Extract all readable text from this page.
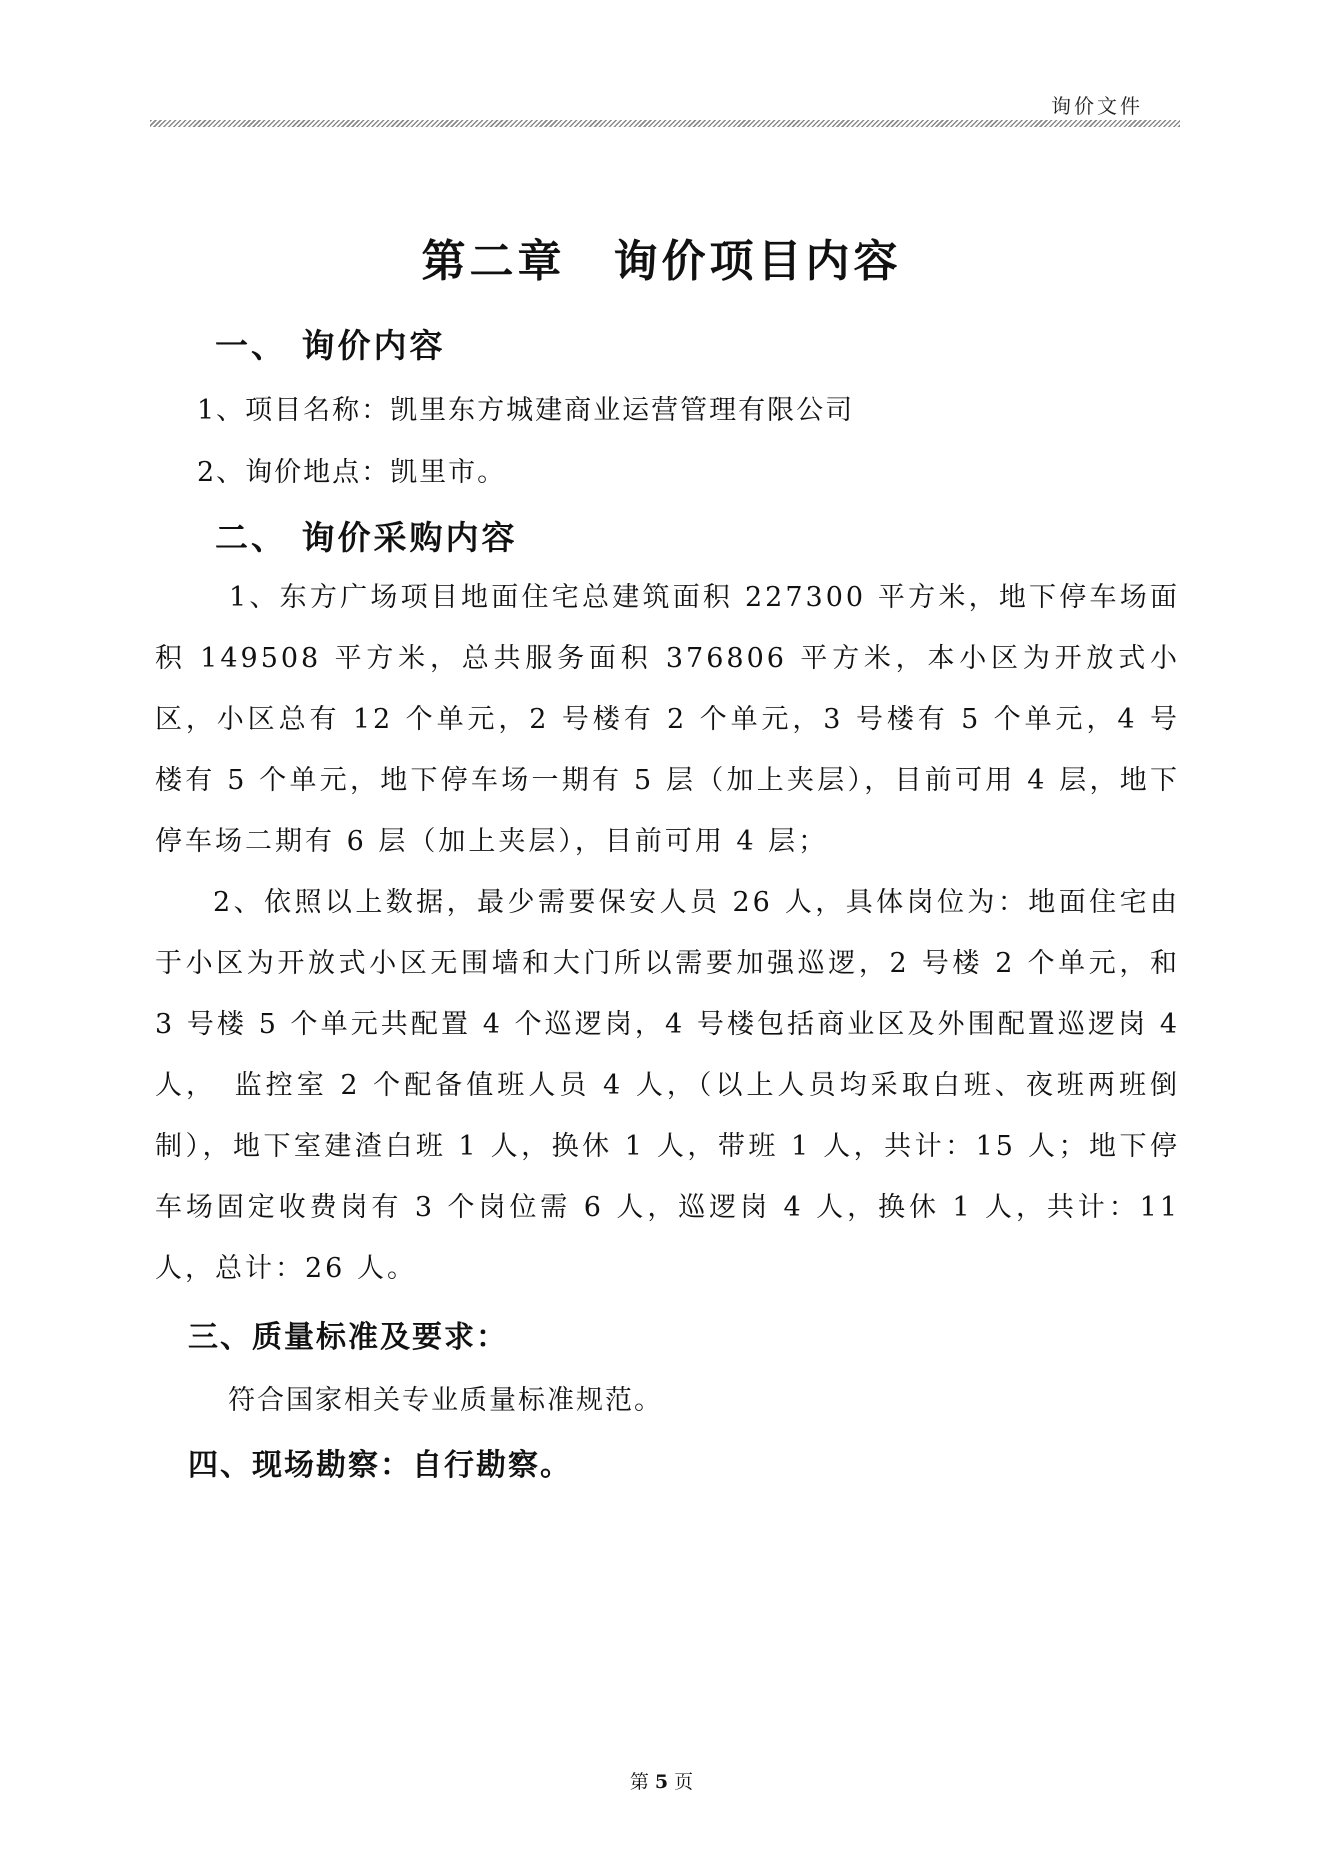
询价文件
第二章　询价项目内容
一、 询价内容
1、项目名称：凯里东方城建商业运营管理有限公司
2、询价地点：凯里市。
二、 询价采购内容
1、东方广场项目地面住宅总建筑面积 227300 平方米，地下停车场面积 149508 平方米，总共服务面积 376806 平方米，本小区为开放式小区，小区总有 12 个单元，2 号楼有 2 个单元，3 号楼有 5 个单元，4 号楼有 5 个单元，地下停车场一期有 5 层（加上夹层），目前可用 4 层，地下停车场二期有 6 层（加上夹层），目前可用 4 层；
2、依照以上数据，最少需要保安人员 26 人，具体岗位为：地面住宅由于小区为开放式小区无围墙和大门所以需要加强巡逻，2 号楼 2 个单元，和 3 号楼 5 个单元共配置 4 个巡逻岗，4 号楼包括商业区及外围配置巡逻岗 4 人，　监控室 2 个配备值班人员 4 人，（以上人员均采取白班、夜班两班倒制），地下室建渣白班 1 人，换休 1 人，带班 1 人，共计：15 人；地下停车场固定收费岗有 3 个岗位需 6 人，巡逻岗 4 人，换休 1 人，共计：11 人，总计：26 人。
三、质量标准及要求：
符合国家相关专业质量标准规范。
四、现场勘察：自行勘察。
第 5 页
